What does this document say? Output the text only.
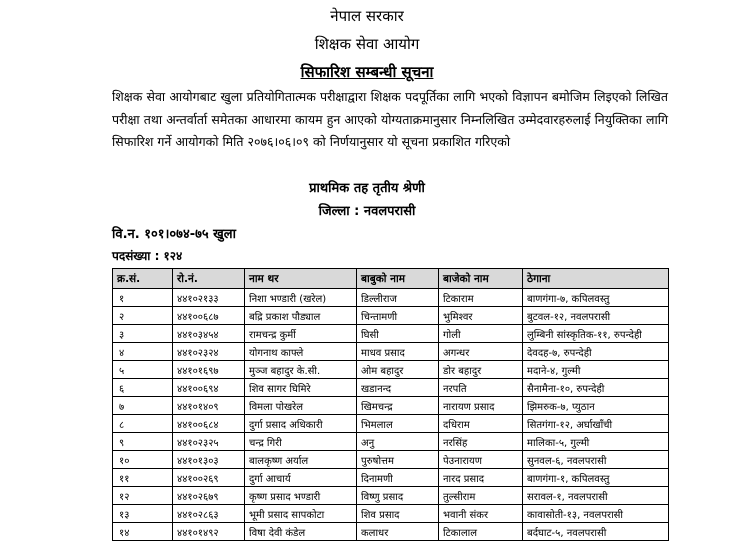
नेपाल सरकार
शिक्षक सेवा आयोग
सिफारिश सम्बन्धी सूचना
शिक्षक सेवा आयोगबाट खुला प्रतियोगितात्मक परीक्षाद्वारा शिक्षक पदपूर्तिका लागि भएको विज्ञापन बमोजिम लिइएको लिखित परीक्षा तथा अन्तर्वार्ता समेतका आधारमा कायम हुन आएको योग्यताक्रमानुसार निम्नलिखित उम्मेदवारहरुलाई नियुक्तिका लागि सिफारिश गर्ने आयोगको मिति २०७६।०६।०९ को निर्णयानुसार यो सूचना प्रकाशित गरिएको
प्राथमिक तह तृतीय श्रेणी
जिल्ला : नवलपरासी
वि.न. १०१।०७४-७५ खुला
पदसंख्या : १२४
क्र.सं.	रो.नं.	नाम थर	बाबुको नाम	बाजेको नाम	ठेगाना
१	४४१०२१३३	निशा भण्डारी (खरेल)	डिल्लीराज	टिकाराम	बाणगंगा-७, कपिलवस्तु
२	४४१००६८७	बद्रि प्रकाश पौड्याल	चिन्तामणी	भुमिश्वर	बुटवल-१२, नवलपरासी
३	४४१०३४५४	रामचन्द्र कुर्मी	घिसी	गोली	लुम्बिनी सांस्कृतिक-११, रुपन्देही
४	४४१०२३२४	योगनाथ काफ्ले	माधव प्रसाद	अगन्धर	देवदह-७, रुपन्देही
५	४४१०१६९७	मुञ्ज बहादुर के.सी.	ओम बहादुर	डोर बहादुर	मदाने-४, गुल्मी
६	४४१००६९४	शिव सागर घिमिरे	खडानन्द	नरपति	सैनामैना-१०, रुपन्देही
७	४४१०१४०९	विमला पोखरेल	खिमचन्द्र	नारायण प्रसाद	झिमरुक-७, प्युठान
८	४४१००६८४	दुर्गा प्रसाद अधिकारी	भिमलाल	दधिराम	सितगंगा-१२, अर्घाखाँची
९	४४१०२३२५	चन्द्र गिरी	अनु	नरसिंह	मालिका-५, गुल्मी
१०	४४१०१३०३	बालकृष्ण अर्याल	पुरुषोत्तम	पेउनारायण	सुनवल-६, नवलपरासी
११	४४१००२६९	दुर्गा आचार्य	दिनामणी	नारद प्रसाद	बाणगंगा-१, कपिलवस्तु
१२	४४१०२६७९	कृष्ण प्रसाद भण्डारी	विष्णु प्रसाद	तुल्सीराम	सरावल-१, नवलपरासी
१३	४४१०२८६३	भूमी प्रसाद सापकोटा	शिव प्रसाद	भवानी संकर	कावासोती-१३, नवलपरासी
१४	४४१०१४९२	विषा देवी कंडेल	कलाधर	टिकालाल	बर्दघाट-५, नवलपरासी
